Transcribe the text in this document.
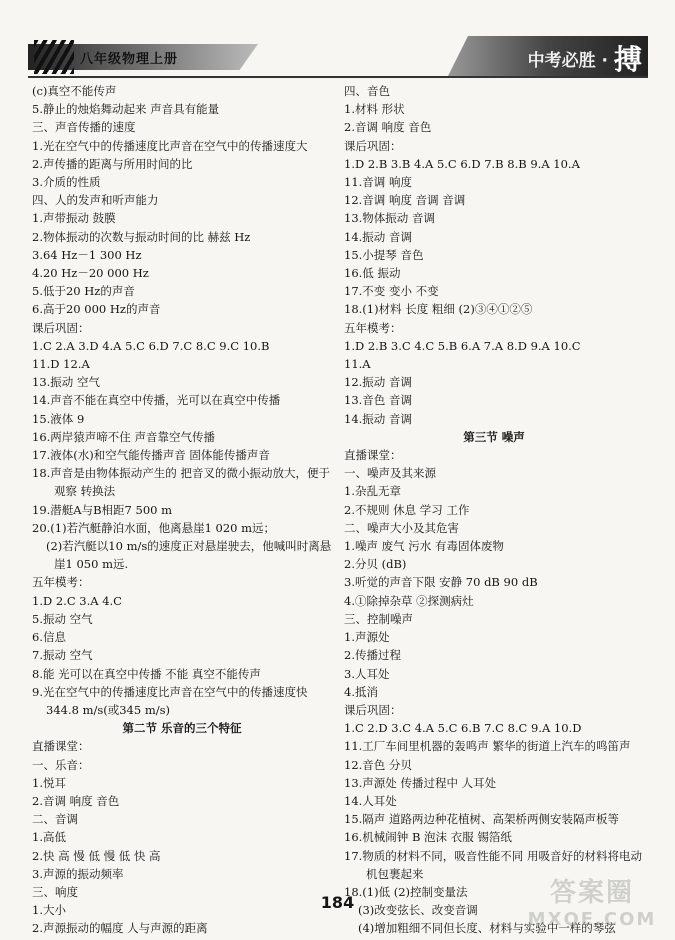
八年级物理上册	中考必胜 · 搏
(c)真空不能传声
5.静止的烛焰舞动起来 声音具有能量
三、声音传播的速度
1.光在空气中的传播速度比声音在空气中的传播速度大
2.声传播的距离与所用时间的比
3.介质的性质
四、人的发声和听声能力
1.声带振动 鼓膜
2.物体振动的次数与振动时间的比 赫兹 Hz
3.64 Hz－1 300 Hz
4.20 Hz－20 000 Hz
5.低于20 Hz的声音
6.高于20 000 Hz的声音
课后巩固：
1.C 2.A 3.D 4.A 5.C 6.D 7.C 8.C 9.C 10.B
11.D 12.A
13.振动 空气
14.声音不能在真空中传播，光可以在真空中传播
15.液体 9
16.两岸猿声啼不住 声音靠空气传播
17.液体(水)和空气能传播声音 固体能传播声音
18.声音是由物体振动产生的 把音叉的微小振动放大，便于
观察 转换法
19.潜艇A与B相距7 500 m
20.(1)若汽艇静泊水面，他离悬崖1 020 m远；
(2)若汽艇以10 m/s的速度正对悬崖驶去，他喊叫时离悬
崖1 050 m远.
五年模考：
1.D 2.C 3.A 4.C
5.振动 空气
6.信息
7.振动 空气
8.能 光可以在真空中传播 不能 真空不能传声
9.光在空气中的传播速度比声音在空气中的传播速度快
344.8 m/s(或345 m/s)
第二节 乐音的三个特征
直播课堂：
一、乐音：
1.悦耳
2.音调 响度 音色
二、音调
1.高低
2.快 高 慢 低 慢 低 快 高
3.声源的振动频率
三、响度
1.大小
2.声源振动的幅度 人与声源的距离
四、音色
1.材料 形状
2.音调 响度 音色
课后巩固：
1.D 2.B 3.B 4.A 5.C 6.D 7.B 8.B 9.A 10.A
11.音调 响度
12.音调 响度 音调 音调
13.物体振动 音调
14.振动 音调
15.小提琴 音色
16.低 振动
17.不变 变小 不变
18.(1)材料 长度 粗细 (2)③④①②⑤
五年模考：
1.D 2.B 3.C 4.C 5.B 6.A 7.A 8.D 9.A 10.C
11.A
12.振动 音调
13.音色 音调
14.振动 音调
第三节 噪声
直播课堂：
一、噪声及其来源
1.杂乱无章
2.不规则 休息 学习 工作
二、噪声大小及其危害
1.噪声 废气 污水 有毒固体废物
2.分贝 (dB)
3.听觉的声音下限 安静 70 dB 90 dB
4.①除掉杂草 ②探测病灶
三、控制噪声
1.声源处
2.传播过程
3.人耳处
4.抵消
课后巩固：
1.C 2.D 3.C 4.A 5.C 6.B 7.C 8.C 9.A 10.D
11.工厂车间里机器的轰鸣声 繁华的街道上汽车的鸣笛声
12.音色 分贝
13.声源处 传播过程中 人耳处
14.人耳处
15.隔声 道路两边种花植树、高架桥两侧安装隔声板等
16.机械闹钟 B 泡沫 衣服 锡箔纸
17.物质的材料不同，吸音性能不同 用吸音好的材料将电动
机包裹起来
18.(1)低 (2)控制变量法
(3)改变弦长、改变音调
(4)增加粗细不同但长度、材料与实验中一样的琴弦
184	答案圈
MXQE.COM
